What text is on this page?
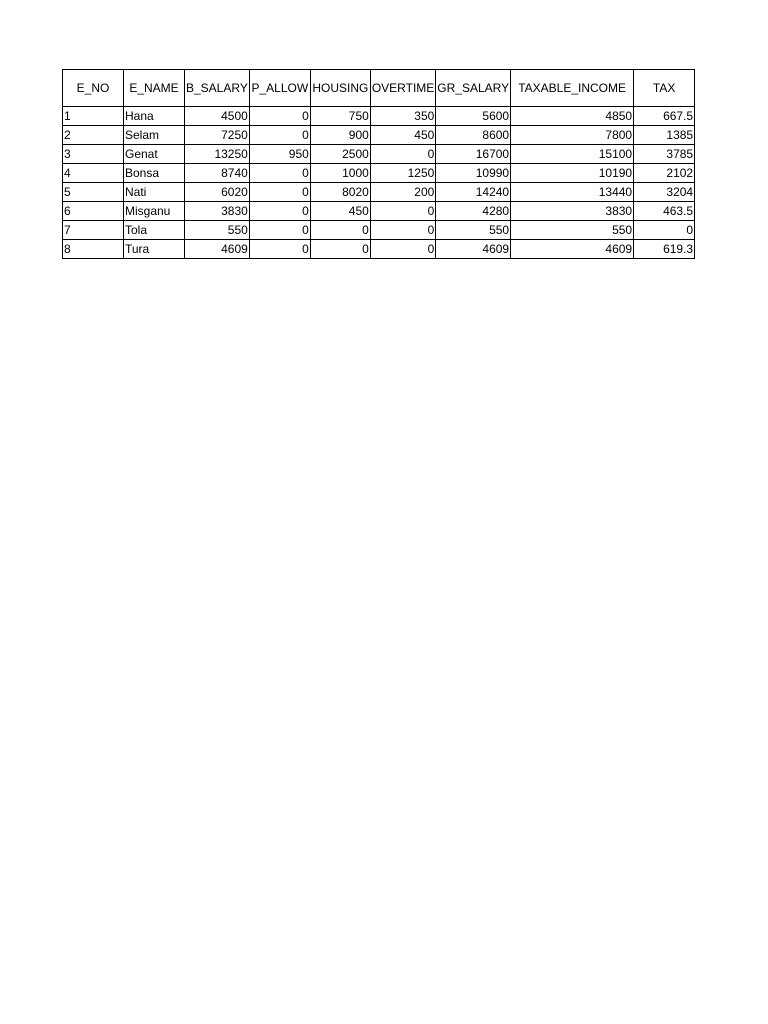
E_NO	E_NAME	B_SALARY	P_ALLOW	HOUSING	OVERTIME	GR_SALARY	TAXABLE_INCOME	TAX
1	Hana	4500	0	750	350	5600	4850	667.5
2	Selam	7250	0	900	450	8600	7800	1385
3	Genat	13250	950	2500	0	16700	15100	3785
4	Bonsa	8740	0	1000	1250	10990	10190	2102
5	Nati	6020	0	8020	200	14240	13440	3204
6	Misganu	3830	0	450	0	4280	3830	463.5
7	Tola	550	0	0	0	550	550	0
8	Tura	4609	0	0	0	4609	4609	619.3
